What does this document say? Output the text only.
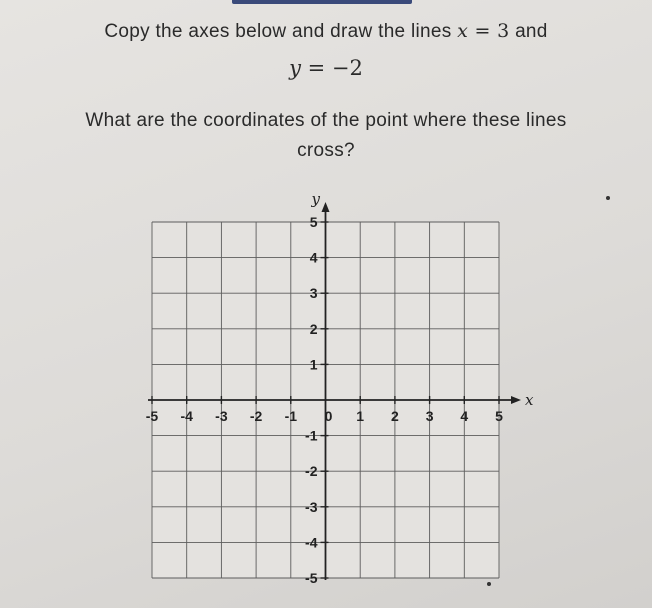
Copy the axes below and draw the lines x = 3 and
y = −2
What are the coordinates of the point where these lines
cross?
x
y
-5 -4 -3 -2 -1 0 1 2 3 4 5
5
4
3
2
1
-1
-2
-3
-4
-5
